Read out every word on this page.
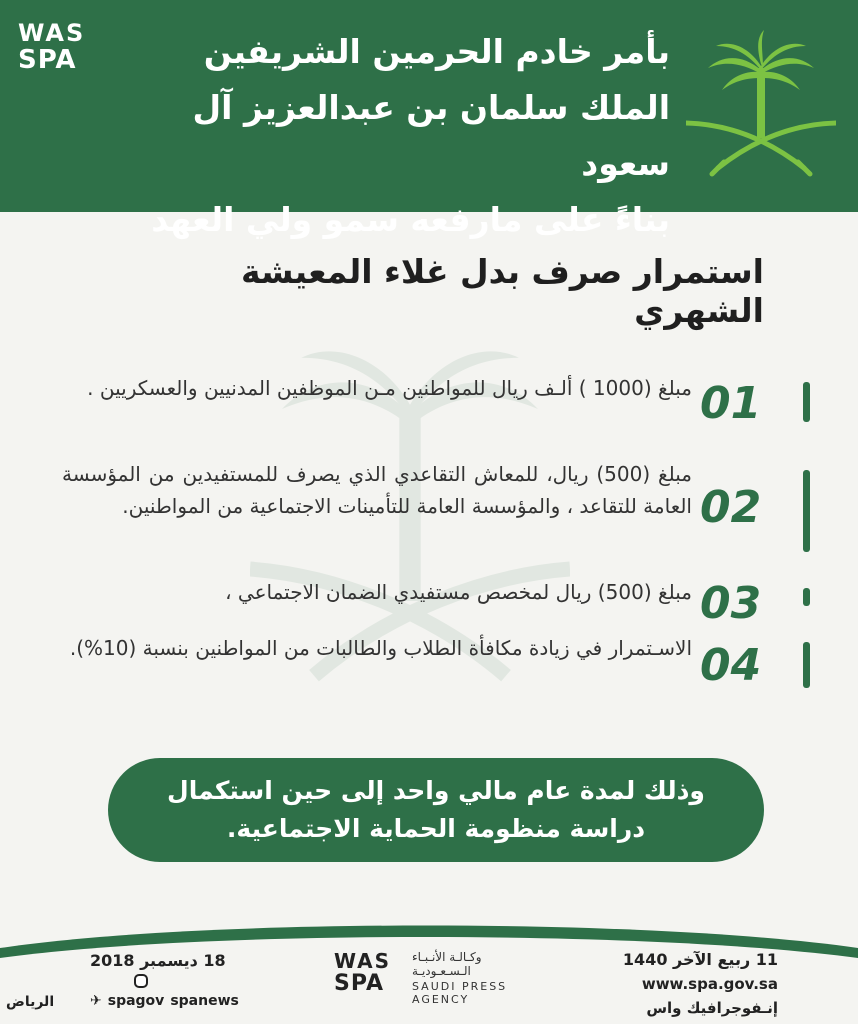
WAS
SPA	بأمر خادم الحرمين الشريفين
الملك سلمان بن عبدالعزيز آل سعود
بناءً على مارفعه سمو ولي العهد
استمرار صرف بدل غلاء المعيشة الشهري
01
مبلغ (1000 ) ألـف ريال للمواطنين مـن الموظفين المدنيين والعسكريين .
02
مبلغ (500) ريال، للمعاش التقاعدي الذي يصرف للمستفيدين من المؤسسة العامة للتقاعد ، والمؤسسة العامة للتأمينات الاجتماعية من المواطنين.
03
مبلغ (500) ريال لمخصص مستفيدي الضمان الاجتماعي ،
04
الاسـتمرار في زيادة مكافأة الطلاب والطالبات من المواطنين بنسبة (10%).
وذلك لمدة عام مالي واحد إلى حين استكمال
دراسة منظومة الحماية الاجتماعية.
11 ربيع الآخر 1440
www.spa.gov.sa
إنـفوجرافيك واس
WAS
SPA
وكـالـة الأنـبـاء
الـسـعـوديـة
SAUDI PRESS
AGENCY
18 ديسمبر 2018
✈ spagov spanews
الرياض
